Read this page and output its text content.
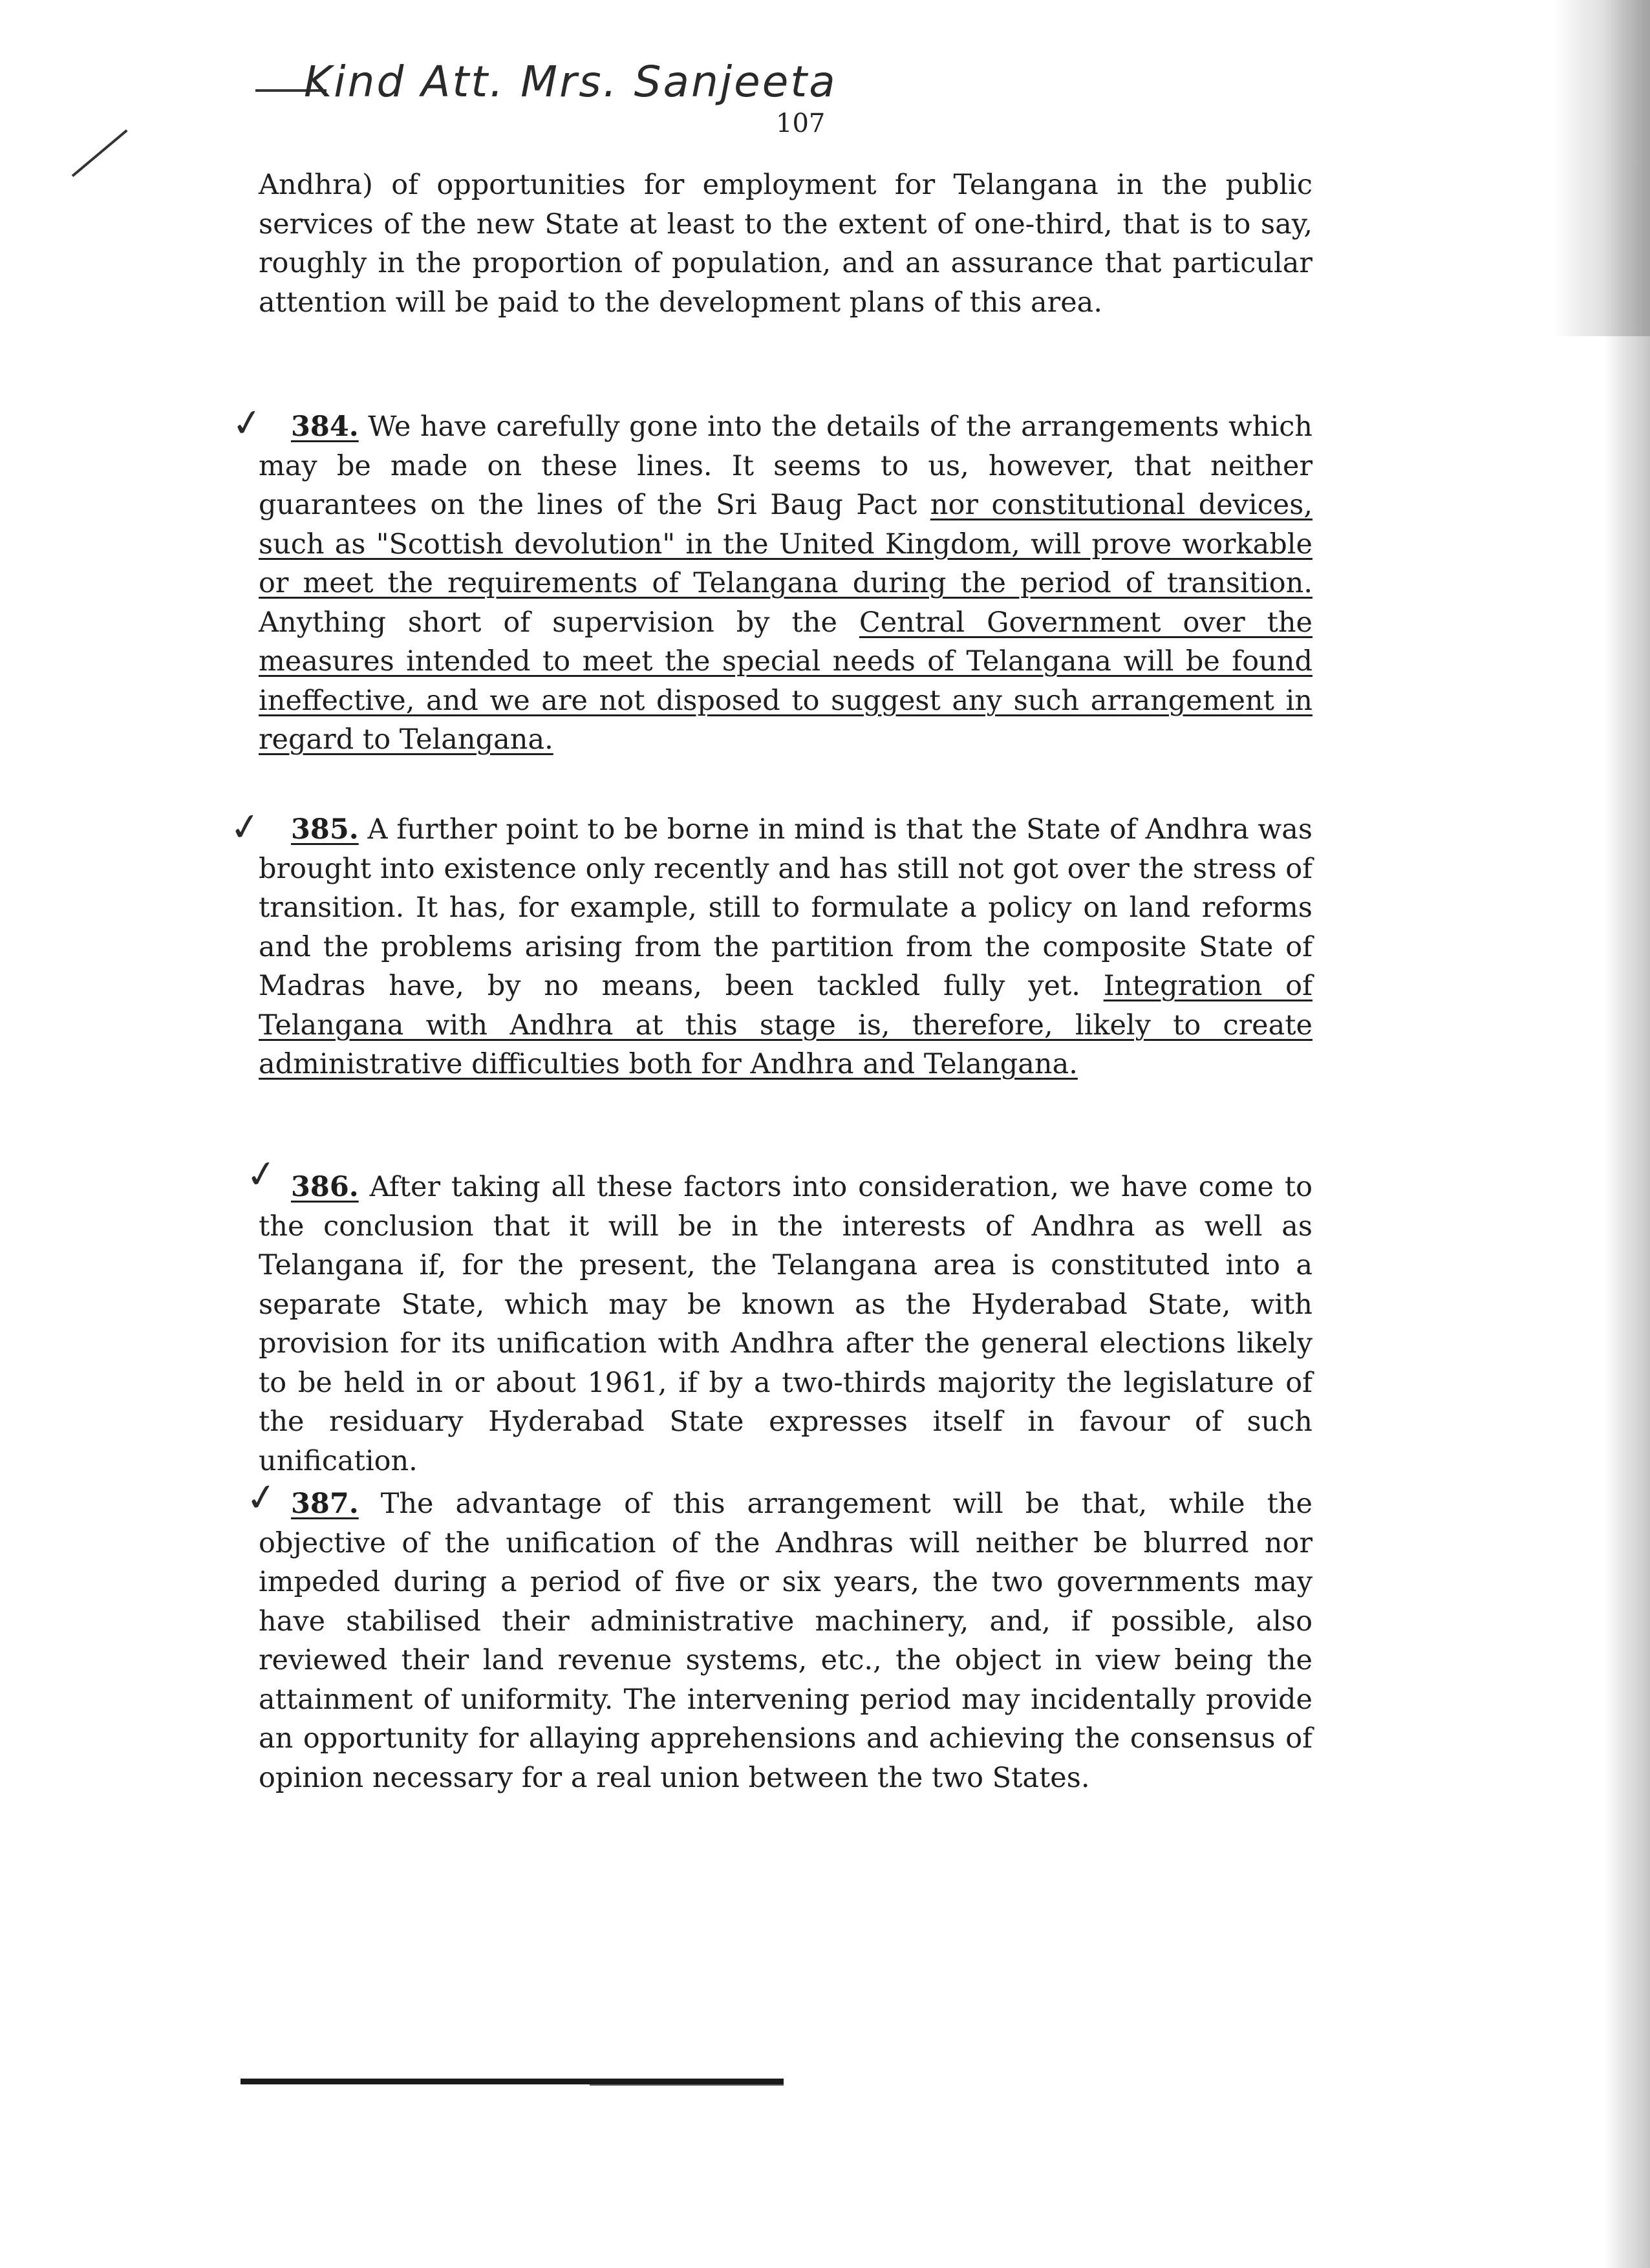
Kind Att. Mrs. Sanjeeta
107
Andhra) of opportunities for employment for Telangana in the public services of the new State at least to the extent of one-third, that is to say, roughly in the proportion of population, and an assurance that particular attention will be paid to the development plans of this area.
✓ 384. We have carefully gone into the details of the arrangements which may be made on these lines. It seems to us, however, that neither guarantees on the lines of the Sri Baug Pact nor constitutional devices, such as "Scottish devolution" in the United Kingdom, will prove workable or meet the requirements of Telangana during the period of transition. Anything short of supervision by the Central Government over the measures intended to meet the special needs of Telangana will be found ineffective, and we are not disposed to suggest any such arrangement in regard to Telangana.
✓ 385. A further point to be borne in mind is that the State of Andhra was brought into existence only recently and has still not got over the stress of transition. It has, for example, still to formulate a policy on land reforms and the problems arising from the partition from the composite State of Madras have, by no means, been tackled fully yet. Integration of Telangana with Andhra at this stage is, therefore, likely to create administrative difficulties both for Andhra and Telangana.
✓ 386. After taking all these factors into consideration, we have come to the conclusion that it will be in the interests of Andhra as well as Telangana if, for the present, the Telangana area is constituted into a separate State, which may be known as the Hyderabad State, with provision for its unification with Andhra after the general elections likely to be held in or about 1961, if by a two-thirds majority the legislature of the residuary Hyderabad State expresses itself in favour of such unification.
✓ 387. The advantage of this arrangement will be that, while the objective of the unification of the Andhras will neither be blurred nor impeded during a period of five or six years, the two governments may have stabilised their administrative machinery, and, if possible, also reviewed their land revenue systems, etc., the object in view being the attainment of uniformity. The intervening period may incidentally provide an opportunity for allaying apprehensions and achieving the consensus of opinion necessary for a real union between the two States.
